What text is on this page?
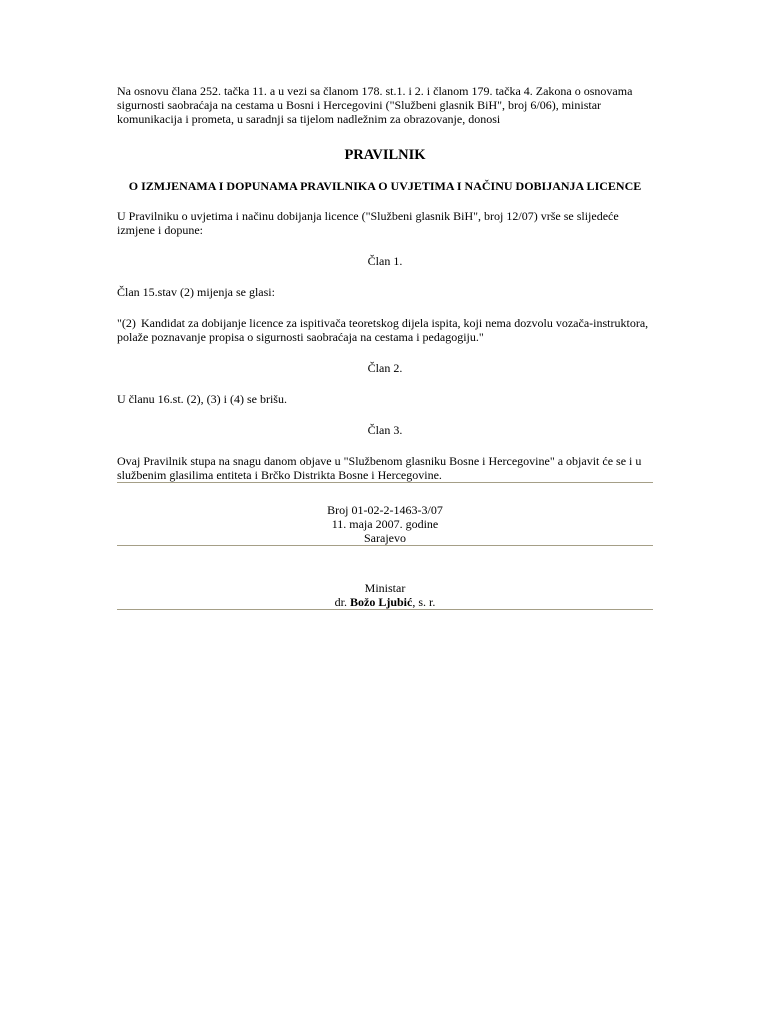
Na osnovu člana 252. tačka 11. a u vezi sa članom 178. st.1. i 2. i članom 179. tačka 4. Zakona o osnovama sigurnosti saobraćaja na cestama u Bosni i Hercegovini ("Službeni glasnik BiH", broj 6/06), ministar komunikacija i prometa, u saradnji sa tijelom nadležnim za obrazovanje, donosi

PRAVILNIK
O IZMJENAMA I DOPUNAMA PRAVILNIKA O UVJETIMA I NAČINU DOBIJANJA LICENCE

U Pravilniku o uvjetima i načinu dobijanja licence ("Službeni glasnik BiH", broj 12/07) vrše se slijedeće izmjene i dopune:

Član 1.

Član 15.stav (2) mijenja se glasi:

"(2) Kandidat za dobijanje licence za ispitivača teoretskog dijela ispita, koji nema dozvolu vozača-instruktora, polaže poznavanje propisa o sigurnosti saobraćaja na cestama i pedagogiju."

Član 2.

U članu 16.st. (2), (3) i (4) se brišu.

Član 3.

Ovaj Pravilnik stupa na snagu danom objave u "Službenom glasniku Bosne i Hercegovine" a objavit će se i u službenim glasilima entiteta i Brčko Distrikta Bosne i Hercegovine.

Broj 01-02-2-1463-3/07
11. maja 2007. godine
Sarajevo
Ministar
dr. Božo Ljubić, s. r.
